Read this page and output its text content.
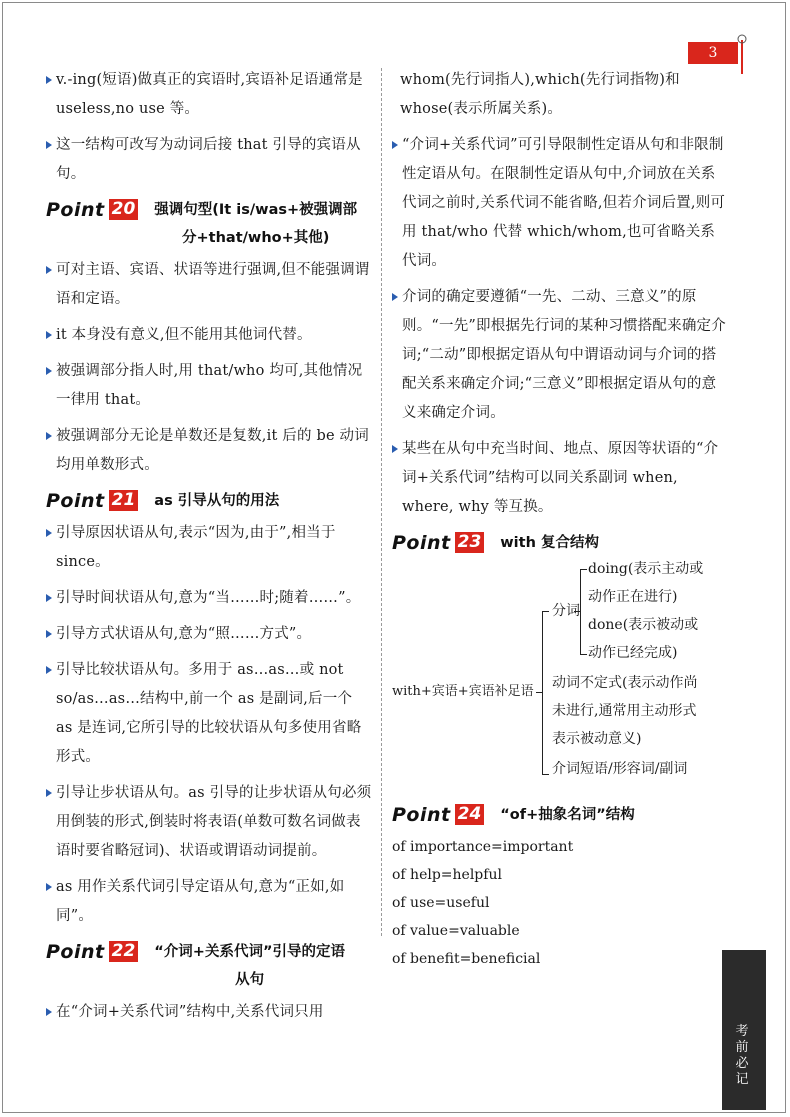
3

v.-ing(短语)做真正的宾语时,宾语补足语通常是 useless,no use 等。

这一结构可改写为动词后接 that 引导的宾语从句。

Point 20 强调句型(It is/was+被强调部
分+that/who+其他)

可对主语、宾语、状语等进行强调,但不能强调谓语和定语。

it 本身没有意义,但不能用其他词代替。

被强调部分指人时,用 that/who 均可,其他情况一律用 that。

被强调部分无论是单数还是复数,it 后的 be 动词均用单数形式。

Point 21 as 引导从句的用法

引导原因状语从句,表示“因为,由于”,相当于 since。

引导时间状语从句,意为“当……时;随着……”。

引导方式状语从句,意为“照……方式”。

引导比较状语从句。多用于 as…as…或 not so/as…as…结构中,前一个 as 是副词,后一个 as 是连词,它所引导的比较状语从句多使用省略形式。

引导让步状语从句。as 引导的让步状语从句必须用倒装的形式,倒装时将表语(单数可数名词做表语时要省略冠词)、状语或谓语动词提前。

as 用作关系代词引导定语从句,意为“正如,如同”。

Point 22 “介词+关系代词”引导的定语
从句

在“介词+关系代词”结构中,关系代词只用

whom(先行词指人),which(先行词指物)和 whose(表示所属关系)。

“介词+关系代词”可引导限制性定语从句和非限制性定语从句。在限制性定语从句中,介词放在关系代词之前时,关系代词不能省略,但若介词后置,则可用 that/who 代替 which/whom,也可省略关系代词。

介词的确定要遵循“一先、二动、三意义”的原则。“一先”即根据先行词的某种习惯搭配来确定介词;“二动”即根据定语从句中谓语动词与介词的搭配关系来确定介词;“三意义”即根据定语从句的意义来确定介词。

某些在从句中充当时间、地点、原因等状语的“介词+关系代词”结构可以同关系副词 when, where, why 等互换。

Point 23 with 复合结构
with+宾语+宾语补足语
分词
doing(表示主动或
动作正在进行)
done(表示被动或
动作已经完成)
动词不定式(表示动作尚
未进行,通常用主动形式
表示被动意义)
介词短语/形容词/副词
Point 24 “of+抽象名词”结构

of importance=important

of help=helpful

of use=useful

of value=valuable

of benefit=beneficial

考前必记
